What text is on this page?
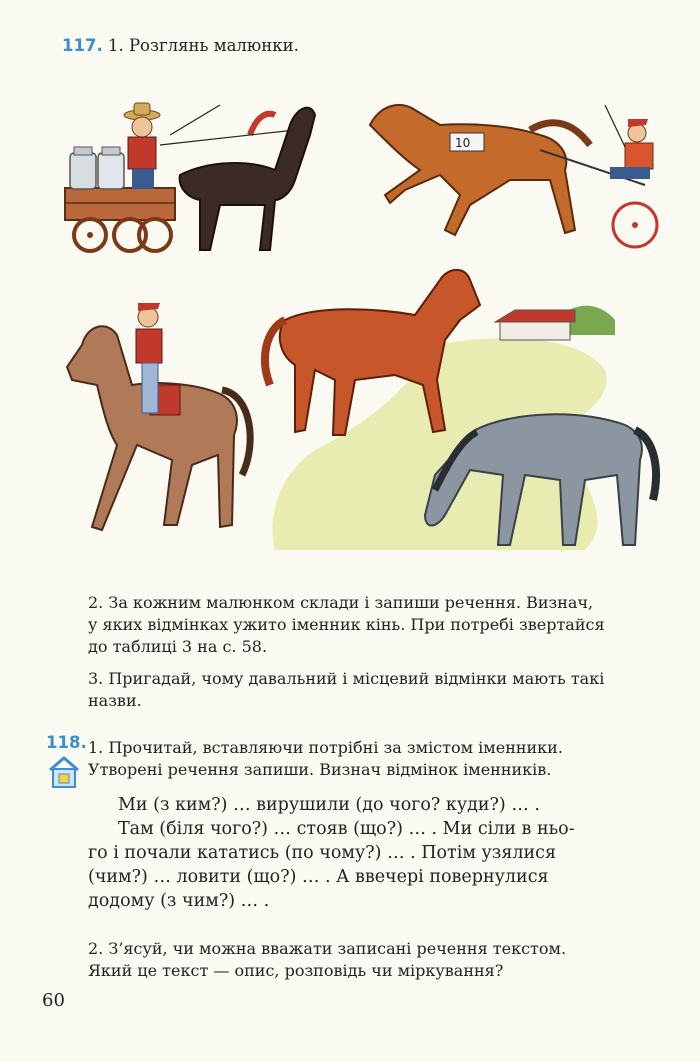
117. 1. Розглянь малюнки.
10

2. За кожним малюнком склади і запиши речення. Визнач,

у яких відмінках ужито іменник кінь. При потребі звертайся

до таблиці 3 на с. 58.

3. Пригадай, чому давальний і місцевий відмінки мають такі

назви.

118. 1. Прочитай, вставляючи потрібні за змістом іменники.

Утворені речення запиши. Визнач відмінок іменників.

Ми (з ким?) … вирушили (до чого? куди?) … .

Там (біля чого?) … стояв (що?) … . Ми сіли в ньо-

го і почали кататись (по чому?) … . Потім узялися

(чим?) … ловити (що?) … . А ввечері повернулися

додому (з чим?) … .

2. З’ясуй, чи можна вважати записані речення текстом.

Який це текст — опис, розповідь чи міркування?

60
